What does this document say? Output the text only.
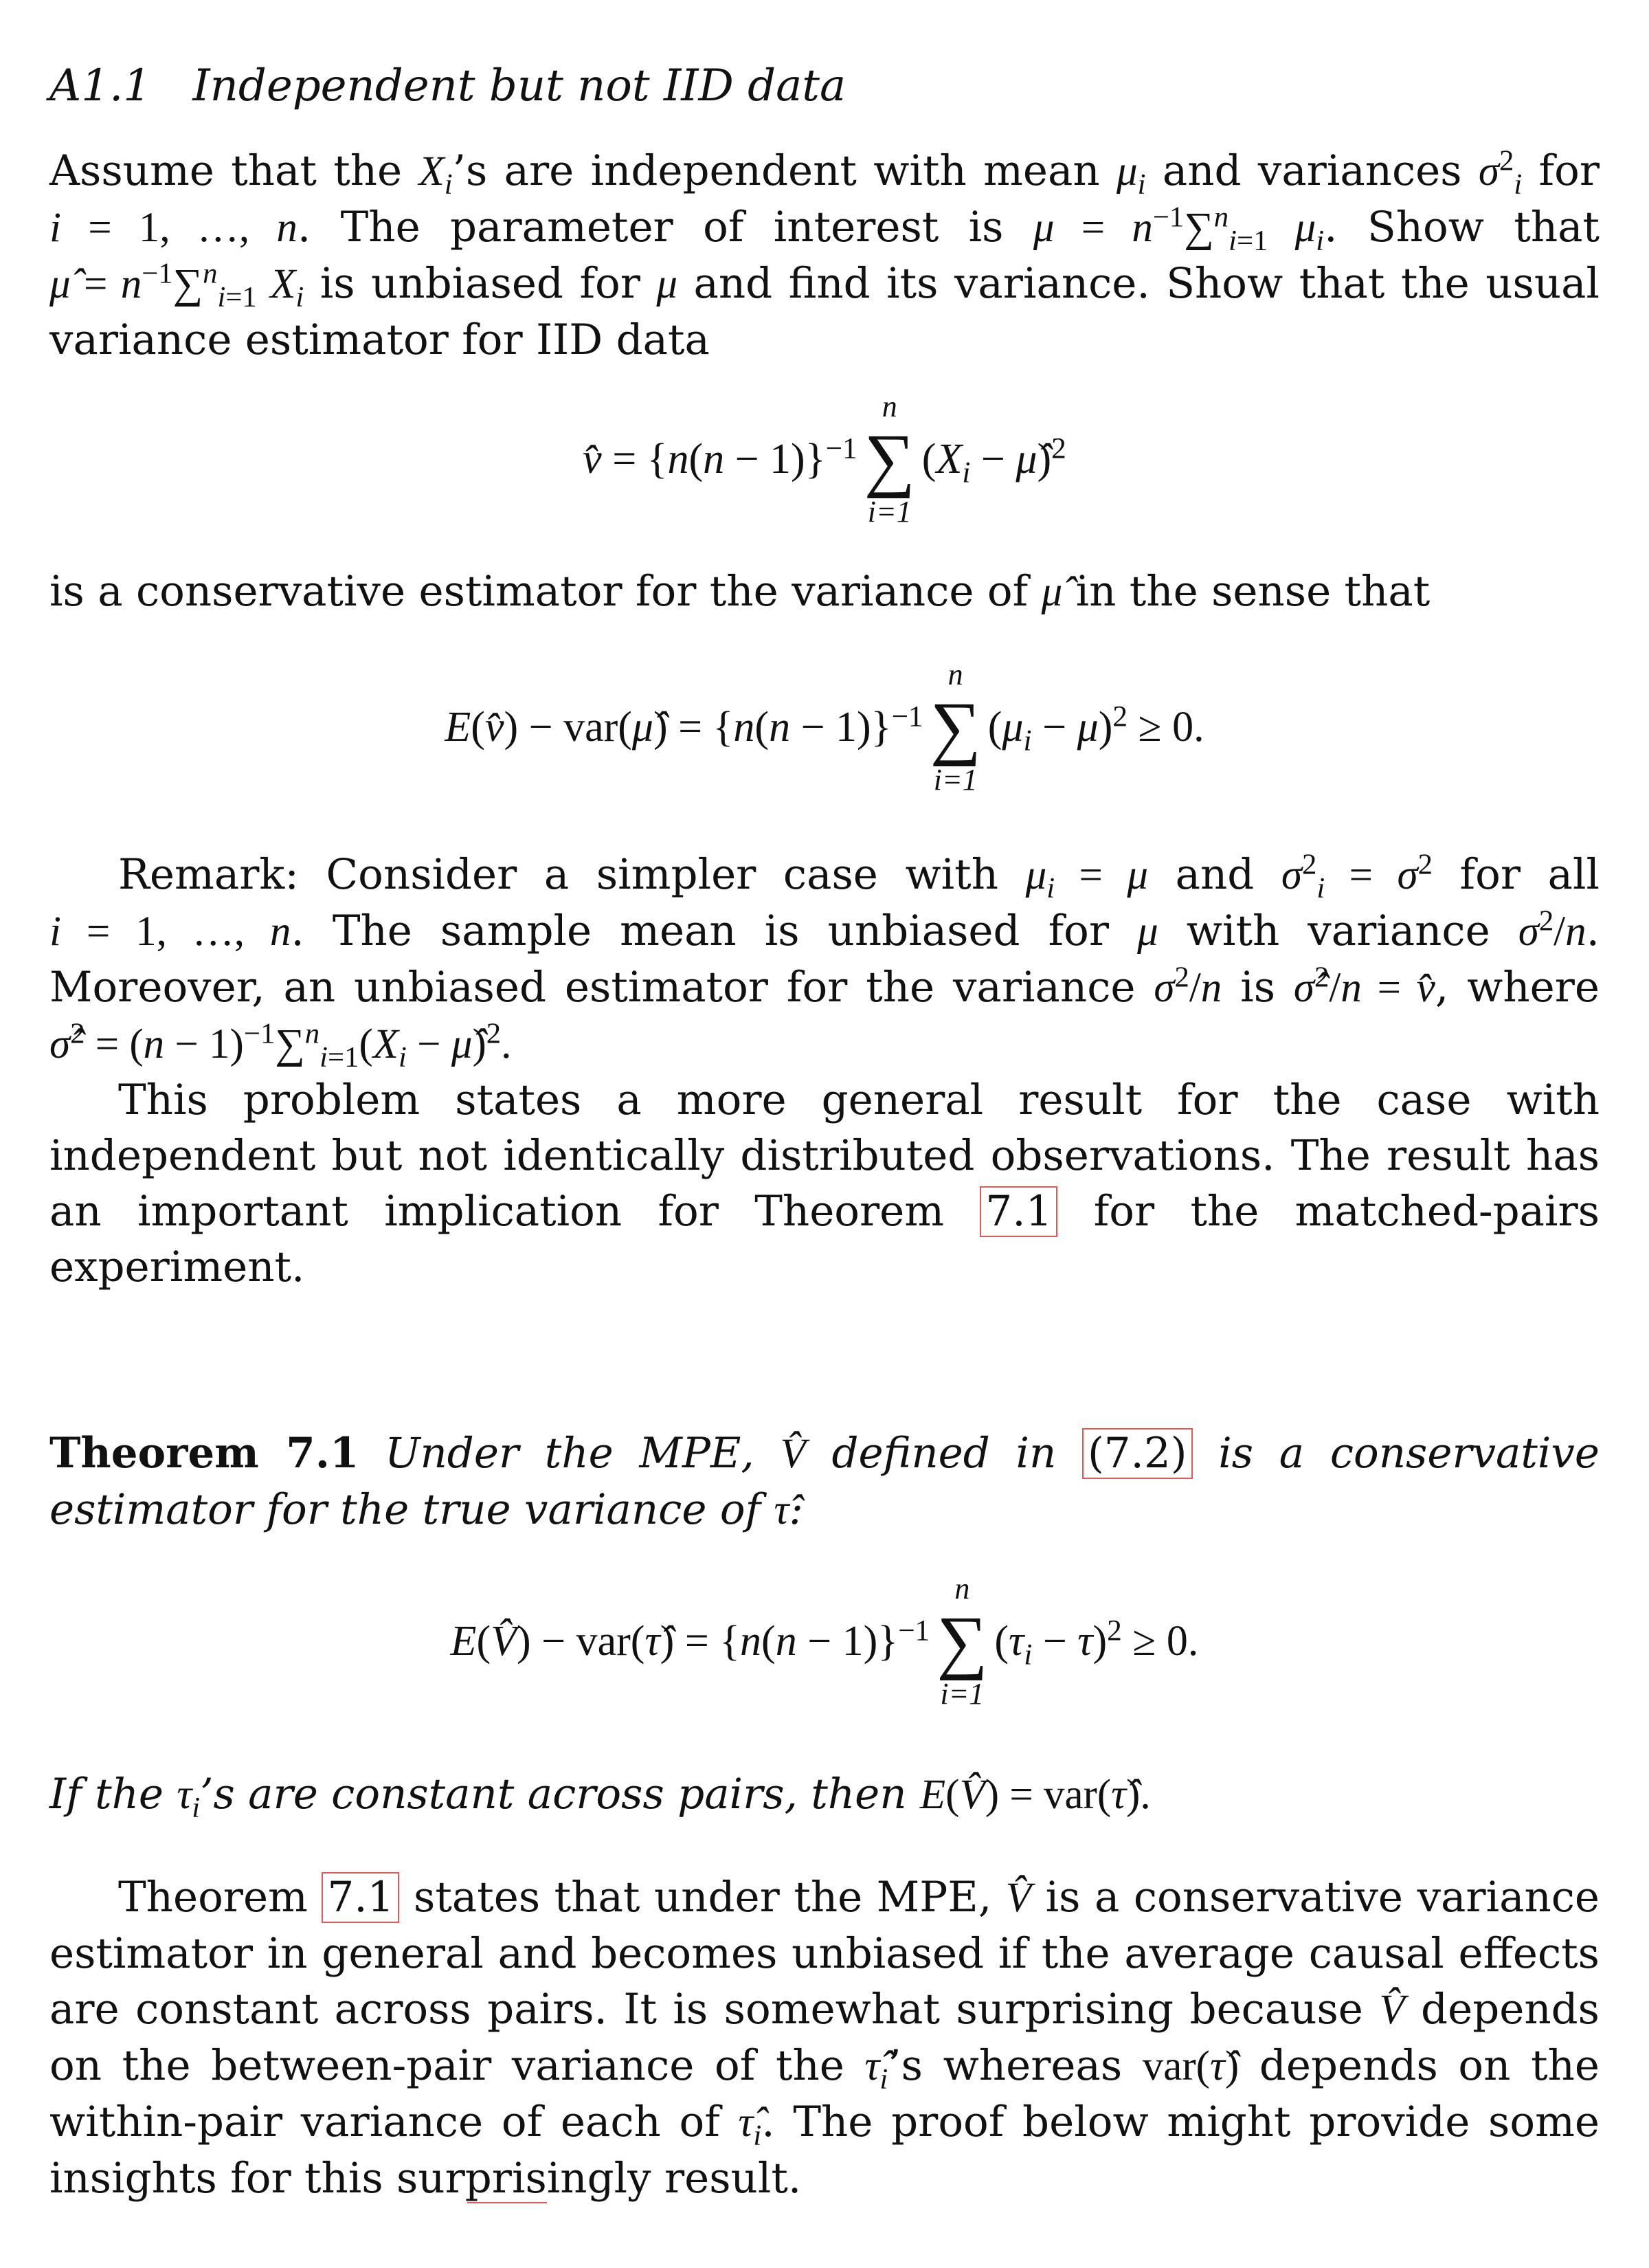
A1.1 Independent but not IID data
Assume that the $X_i’s$ are independent with mean $\mu_i$ and variances $\sigma^2_i$ for i = 1, …, n. The parameter of interest is $\mu = n^{-1}\sum^n_{i=1}$ $\mu_i$. Show that μ̂ = $n^{-1}\sum^n_{i=1}$ $X_i$ is unbiased for μ and find its variance. Show that the usual variance estimator for IID data
v̂ = $\{n(n - 1)\}^{-1}$
n
∑
i=1
($X_i$ − μ̂)$^2$
is a conservative estimator for the variance of μ̂ in the sense that
E(v̂) − var(μ̂) = $\{n(n - 1)\}^{-1}$
n
∑
i=1
$(\mu_i - \mu)^2 \ge 0$.
Remark: Consider a simpler case with $\mu_i = \mu$ and $\sigma^2_i = \sigma^2$ for all i = 1, …, n. The sample mean is unbiased for μ with variance $\sigma^2/n$. Moreover, an unbiased estimator for the variance $\sigma^2/n$ is σ̂$^2$/n = v̂, where σ̂$^2$ = $(n - 1)^{-1}\sum^n_{i=1}(X_i$ − μ̂)$^2$.
This problem states a more general result for the case with independent but not identically distributed observations. The result has an important implication for Theorem 7.1 for the matched-pairs experiment.
Theorem 7.1 Under the MPE, V̂ defined in (7.2) is a conservative estimator for the true variance of τ̂:
E(V̂) − var(τ̂) = $\{n(n - 1)\}^{-1}$
n
∑
i=1
$(\tau_i - \tau)^2 \ge 0$.
If the $\tau_i’s$ are constant across pairs, then E(V̂) = var(τ̂).
Theorem 7.1 states that under the MPE, V̂ is a conservative variance estimator in general and becomes unbiased if the average causal effects are constant across pairs. It is somewhat surprising because V̂ depends on the between-pair variance of the $\taû_i’s$ whereas var(τ̂) depends on the within-pair variance of each of $\taû_i$. The proof below might provide some insights for this surprisingly result.
